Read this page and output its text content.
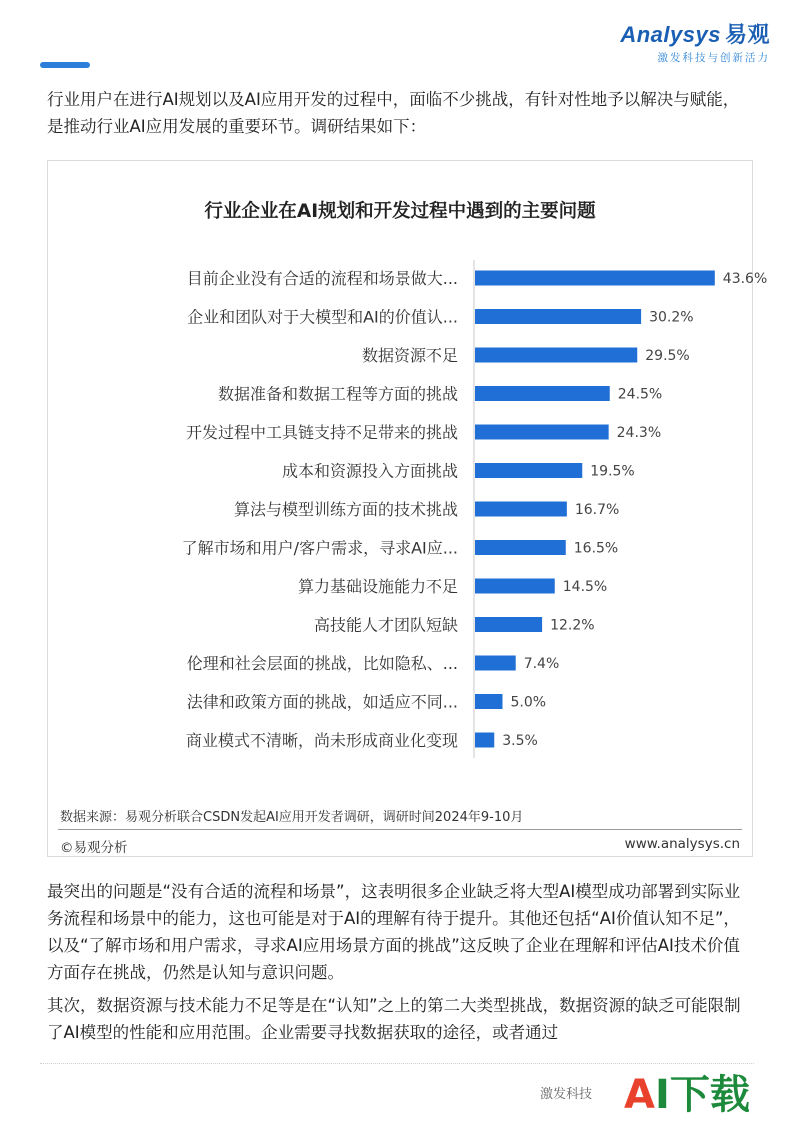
Analysys 易观
激发科技与创新活力

行业用户在进行AI规划以及AI应用开发的过程中，面临不少挑战，有针对性地予以解决与赋能，是推动行业AI应用发展的重要环节。调研结果如下：

行业企业在AI规划和开发过程中遇到的主要问题
目前企业没有合适的流程和场景做大...	43.6%
企业和团队对于大模型和AI的价值认...	30.2%
数据资源不足	29.5%
数据准备和数据工程等方面的挑战	24.5%
开发过程中工具链支持不足带来的挑战	24.3%
成本和资源投入方面挑战	19.5%
算法与模型训练方面的技术挑战	16.7%
了解市场和用户/客户需求，寻求AI应...	16.5%
算力基础设施能力不足	14.5%
高技能人才团队短缺	12.2%
伦理和社会层面的挑战，比如隐私、...	7.4%
法律和政策方面的挑战，如适应不同...	5.0%
商业模式不清晰，尚未形成商业化变现	3.5%
数据来源：易观分析联合CSDN发起AI应用开发者调研，调研时间2024年9-10月
©易观分析	www.analysys.cn

最突出的问题是“没有合适的流程和场景”，这表明很多企业缺乏将大型AI模型成功部署到实际业务流程和场景中的能力，这也可能是对于AI的理解有待于提升。其他还包括“AI价值认知不足”，以及“了解市场和用户需求，寻求AI应用场景方面的挑战”这反映了企业在理解和评估AI技术价值方面存在挑战，仍然是认知与意识问题。

其次，数据资源与技术能力不足等是在“认知”之上的第二大类型挑战，数据资源的缺乏可能限制了AI模型的性能和应用范围。企业需要寻找数据获取的途径，或者通过

激发科技 AI下载
